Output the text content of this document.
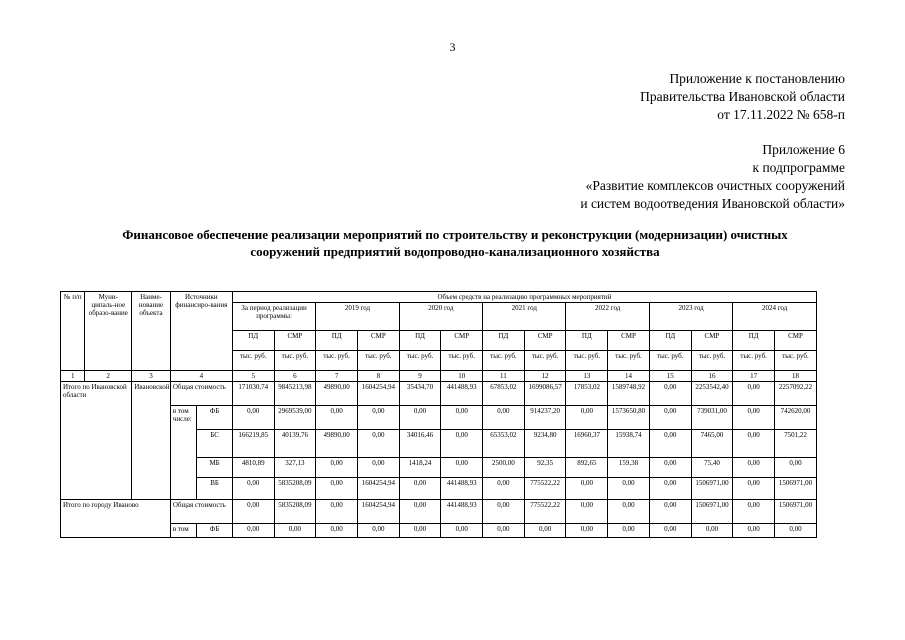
3
Приложение к постановлению
Правительства Ивановской области
от 17.11.2022 № 658-п
Приложение 6
к подпрограмме
«Развитие комплексов очистных сооружений
и систем водоотведения Ивановской области»
Финансовое обеспечение реализации мероприятий по строительству и реконструкции (модернизации) очистных
сооружений предприятий водопроводно-канализационного хозяйства
№ п/п	Муни-ципаль-ное образо-вание	Наиме-нование объекта	Источники финансиро-вания		Объем средств на реализацию программных мероприятий													
					За период реализации программы:		2019 год		2020 год		2021 год		2022 год		2023 год		2024 год	
					ПД	СМР	ПД	СМР	ПД	СМР	ПД	СМР	ПД	СМР	ПД	СМР	ПД	СМР
					тыс. руб.	тыс. руб.	тыс. руб.	тыс. руб.	тыс. руб.	тыс. руб.	тыс. руб.	тыс. руб.	тыс. руб.	тыс. руб.	тыс. руб.	тыс. руб.	тыс. руб.	тыс. руб.
1	2	3	4		5	6	7	8	9	10	11	12	13	14	15	16	17	18
Итого по Ивановской области		Ивановской	Общая стоимость		171030,74	9845213,98	49890,00	1604254,94	35434,70	441488,93	67853,02	1699086,57	17853,02	1589748,92	0,00	2253542,40	0,00	2257092,22
			в том числе:	ФБ	0,00	2969539,00	0,00	0,00	0,00	0,00	0,00	914237,20	0,00	1573650,80	0,00	739031,00	0,00	742620,00
				БС	166219,85	40139,76	49890,00	0,00	34016,46	0,00	65353,02	9234,80	16960,37	15938,74	0,00	7465,00	0,00	7501,22
				МБ	4810,89	327,13	0,00	0,00	1418,24	0,00	2500,00	92,35	892,65	159,38	0,00	75,40	0,00	0,00
				ВБ	0,00	5835208,09	0,00	1604254,94	0,00	441488,93	0,00	775522,22	0,00	0,00	0,00	1506971,00	0,00	1506971,00
Итого по городу Иваново			Общая стоимость		0,00	5835208,09	0,00	1604254,94	0,00	441488,93	0,00	775522,22	0,00	0,00	0,00	1506971,00	0,00	1506971,00
			в том	ФБ	0,00	0,00	0,00	0,00	0,00	0,00	0,00	0,00	0,00	0,00	0,00	0,00	0,00	0,00
